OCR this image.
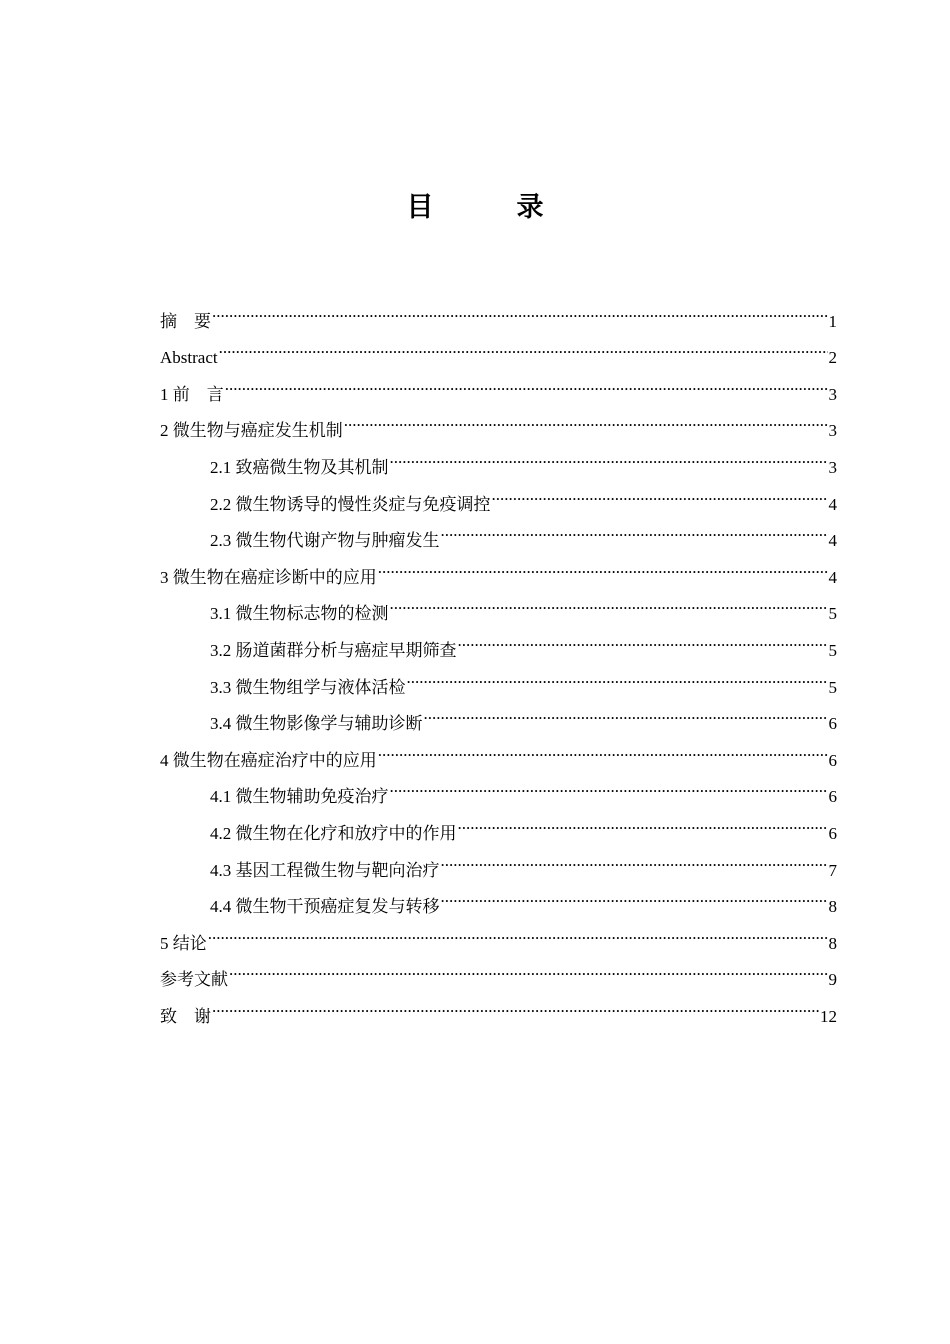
目　录
摘　要 .....	1
Abstract .....	2
1 前　言 .....	3
2 微生物与癌症发生机制 .....	3
2.1 致癌微生物及其机制 .....	3
2.2 微生物诱导的慢性炎症与免疫调控 .....	4
2.3 微生物代谢产物与肿瘤发生 .....	4
3 微生物在癌症诊断中的应用 .....	4
3.1 微生物标志物的检测 .....	5
3.2 肠道菌群分析与癌症早期筛查 .....	5
3.3 微生物组学与液体活检 .....	5
3.4 微生物影像学与辅助诊断 .....	6
4 微生物在癌症治疗中的应用 .....	6
4.1 微生物辅助免疫治疗 .....	6
4.2 微生物在化疗和放疗中的作用 .....	6
4.3 基因工程微生物与靶向治疗 .....	7
4.4 微生物干预癌症复发与转移 .....	8
5 结论 .....	8
参考文献 .....	9
致　谢 .....	12
